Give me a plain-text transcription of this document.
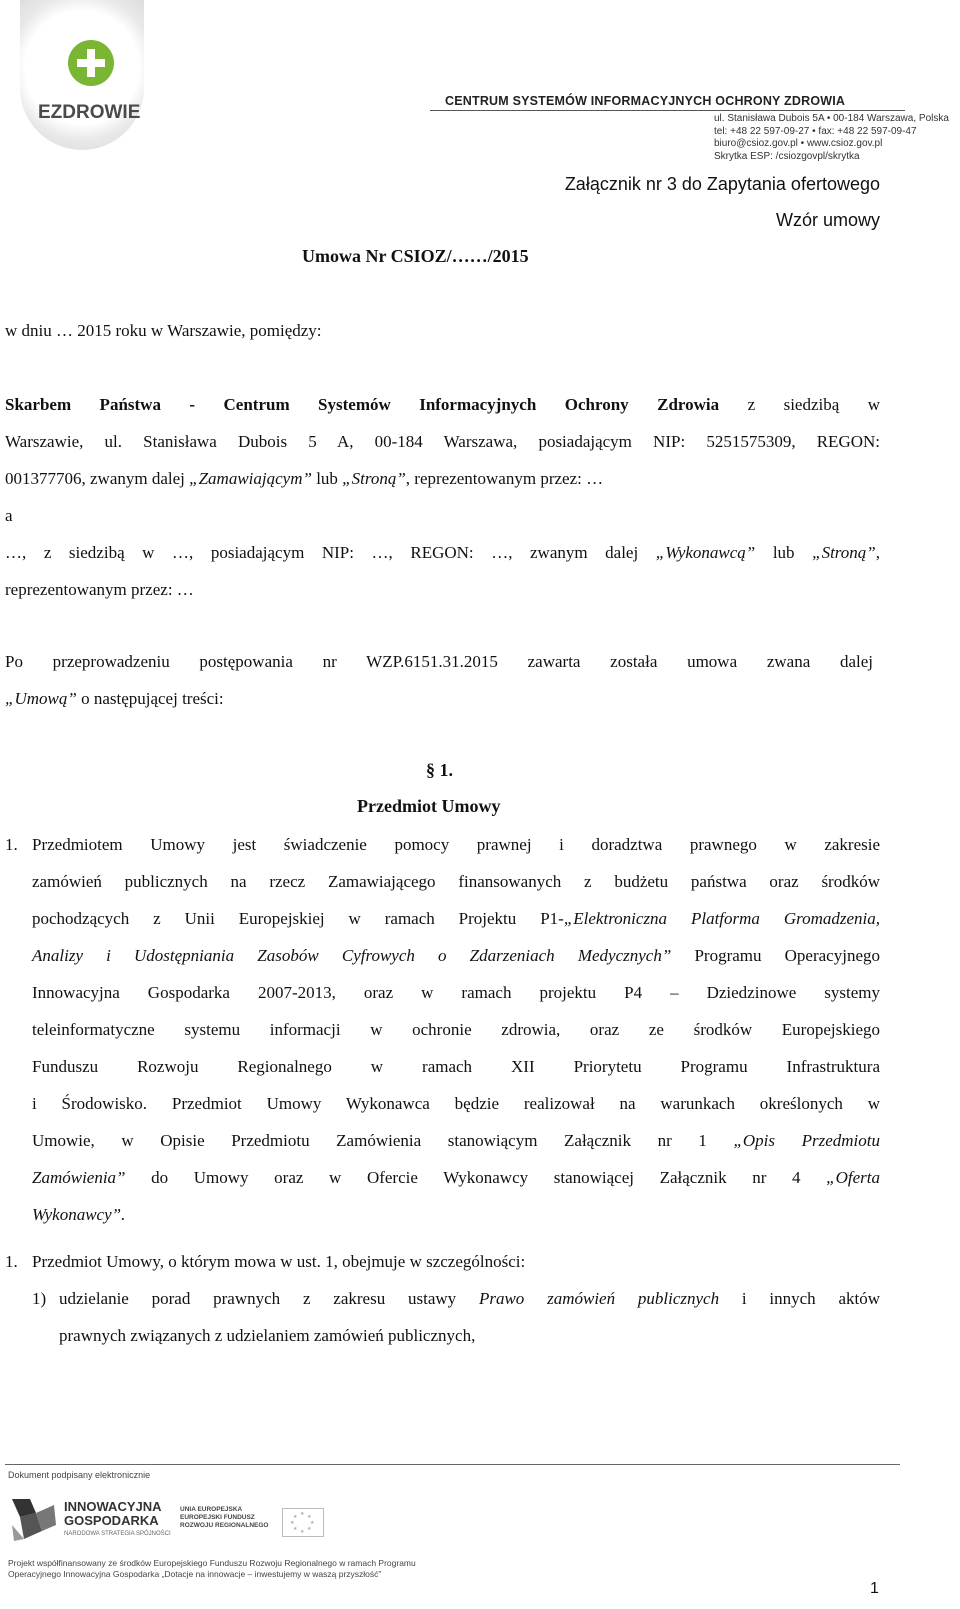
EZDROWIE
CENTRUM SYSTEMÓW INFORMACYJNYCH OCHRONY ZDROWIA
ul. Stanisława Dubois 5A • 00-184 Warszawa, Polska
tel: +48 22 597-09-27 • fax: +48 22 597-09-47
biuro@csioz.gov.pl • www.csioz.gov.pl
Skrytka ESP: /csiozgovpl/skrytka
Załącznik nr 3 do Zapytania ofertowego
Wzór umowy
Umowa Nr CSIOZ/……/2015
w dniu … 2015 roku w Warszawie, pomiędzy:
Skarbem Państwa - Centrum Systemów Informacyjnych Ochrony Zdrowia z siedzibą w
Warszawie, ul. Stanisława Dubois 5 A, 00-184 Warszawa, posiadającym NIP: 5251575309, REGON:
001377706, zwanym dalej „Zamawiającym” lub „Stroną”, reprezentowanym przez: …
a
…, z siedzibą w …, posiadającym NIP: …, REGON: …, zwanym dalej „Wykonawcą” lub „Stroną”,
reprezentowanym przez: …
Po przeprowadzeniu postępowania nr WZP.6151.31.2015 zawarta została umowa zwana dalej
„Umową” o następującej treści:
§ 1.
Przedmiot Umowy
1. Przedmiotem Umowy jest świadczenie pomocy prawnej i doradztwa prawnego w zakresie
zamówień publicznych na rzecz Zamawiającego finansowanych z budżetu państwa oraz środków
pochodzących z Unii Europejskiej w ramach Projektu P1-„Elektroniczna Platforma Gromadzenia,
Analizy i Udostępniania Zasobów Cyfrowych o Zdarzeniach Medycznych” Programu Operacyjnego
Innowacyjna Gospodarka 2007-2013, oraz w ramach projektu P4 – Dziedzinowe systemy
teleinformatyczne systemu informacji w ochronie zdrowia, oraz ze środków Europejskiego
Funduszu Rozwoju Regionalnego w ramach XII Priorytetu Programu Infrastruktura
i Środowisko. Przedmiot Umowy Wykonawca będzie realizował na warunkach określonych w
Umowie, w Opisie Przedmiotu Zamówienia stanowiącym Załącznik nr 1 „Opis Przedmiotu
Zamówienia” do Umowy oraz w Ofercie Wykonawcy stanowiącej Załącznik nr 4 „Oferta
Wykonawcy”.
1. Przedmiot Umowy, o którym mowa w ust. 1, obejmuje w szczególności:
1) udzielanie porad prawnych z zakresu ustawy Prawo zamówień publicznych i innych aktów
prawnych związanych z udzielaniem zamówień publicznych,
Dokument podpisany elektronicznie
INNOWACYJNA
GOSPODARKA
NARODOWA STRATEGIA SPÓJNOŚCI
UNIA EUROPEJSKA
EUROPEJSKI FUNDUSZ
ROZWOJU REGIONALNEGO
★
★
★
★
★
★
★
★
Projekt współfinansowany ze środków Europejskiego Funduszu Rozwoju Regionalnego w ramach Programu
Operacyjnego Innowacyjna Gospodarka „Dotacje na innowacje – inwestujemy w waszą przyszłość”
1
